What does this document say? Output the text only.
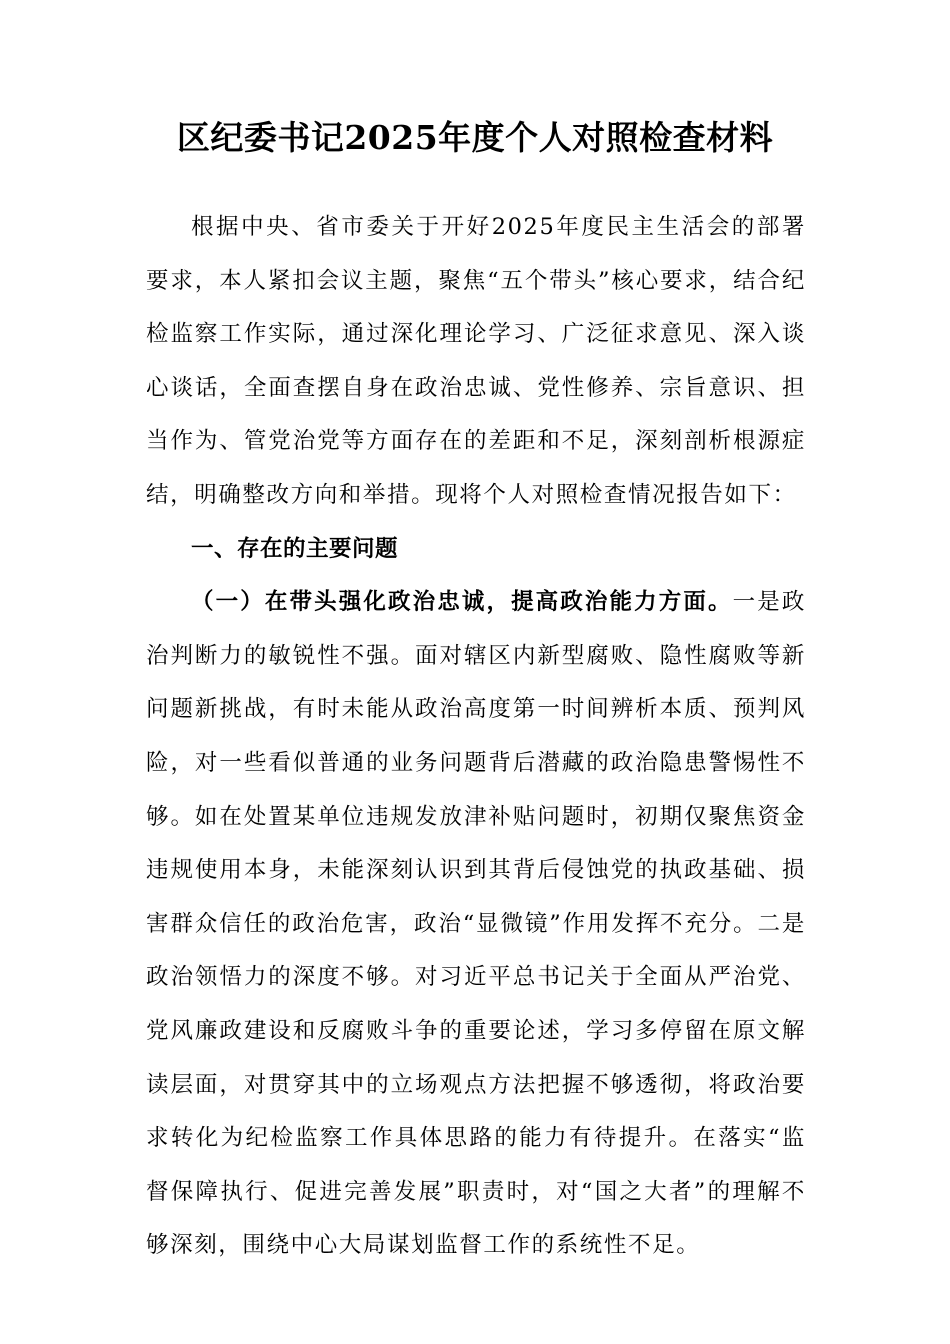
区纪委书记2025年度个人对照检查材料

根据中央、省市委关于开好2025年度民主生活会的部署要求，本人紧扣会议主题，聚焦“五个带头”核心要求，结合纪检监察工作实际，通过深化理论学习、广泛征求意见、深入谈心谈话，全面查摆自身在政治忠诚、党性修养、宗旨意识、担当作为、管党治党等方面存在的差距和不足，深刻剖析根源症结，明确整改方向和举措。现将个人对照检查情况报告如下：

一、存在的主要问题

（一）在带头强化政治忠诚，提高政治能力方面。一是政治判断力的敏锐性不强。面对辖区内新型腐败、隐性腐败等新问题新挑战，有时未能从政治高度第一时间辨析本质、预判风险，对一些看似普通的业务问题背后潜藏的政治隐患警惕性不够。如在处置某单位违规发放津补贴问题时，初期仅聚焦资金违规使用本身，未能深刻认识到其背后侵蚀党的执政基础、损害群众信任的政治危害，政治“显微镜”作用发挥不充分。二是政治领悟力的深度不够。对习近平总书记关于全面从严治党、党风廉政建设和反腐败斗争的重要论述，学习多停留在原文解读层面，对贯穿其中的立场观点方法把握不够透彻，将政治要求转化为纪检监察工作具体思路的能力有待提升。在落实“监督保障执行、促进完善发展”职责时，对“国之大者”的理解不够深刻，围绕中心大局谋划监督工作的系统性不足。
